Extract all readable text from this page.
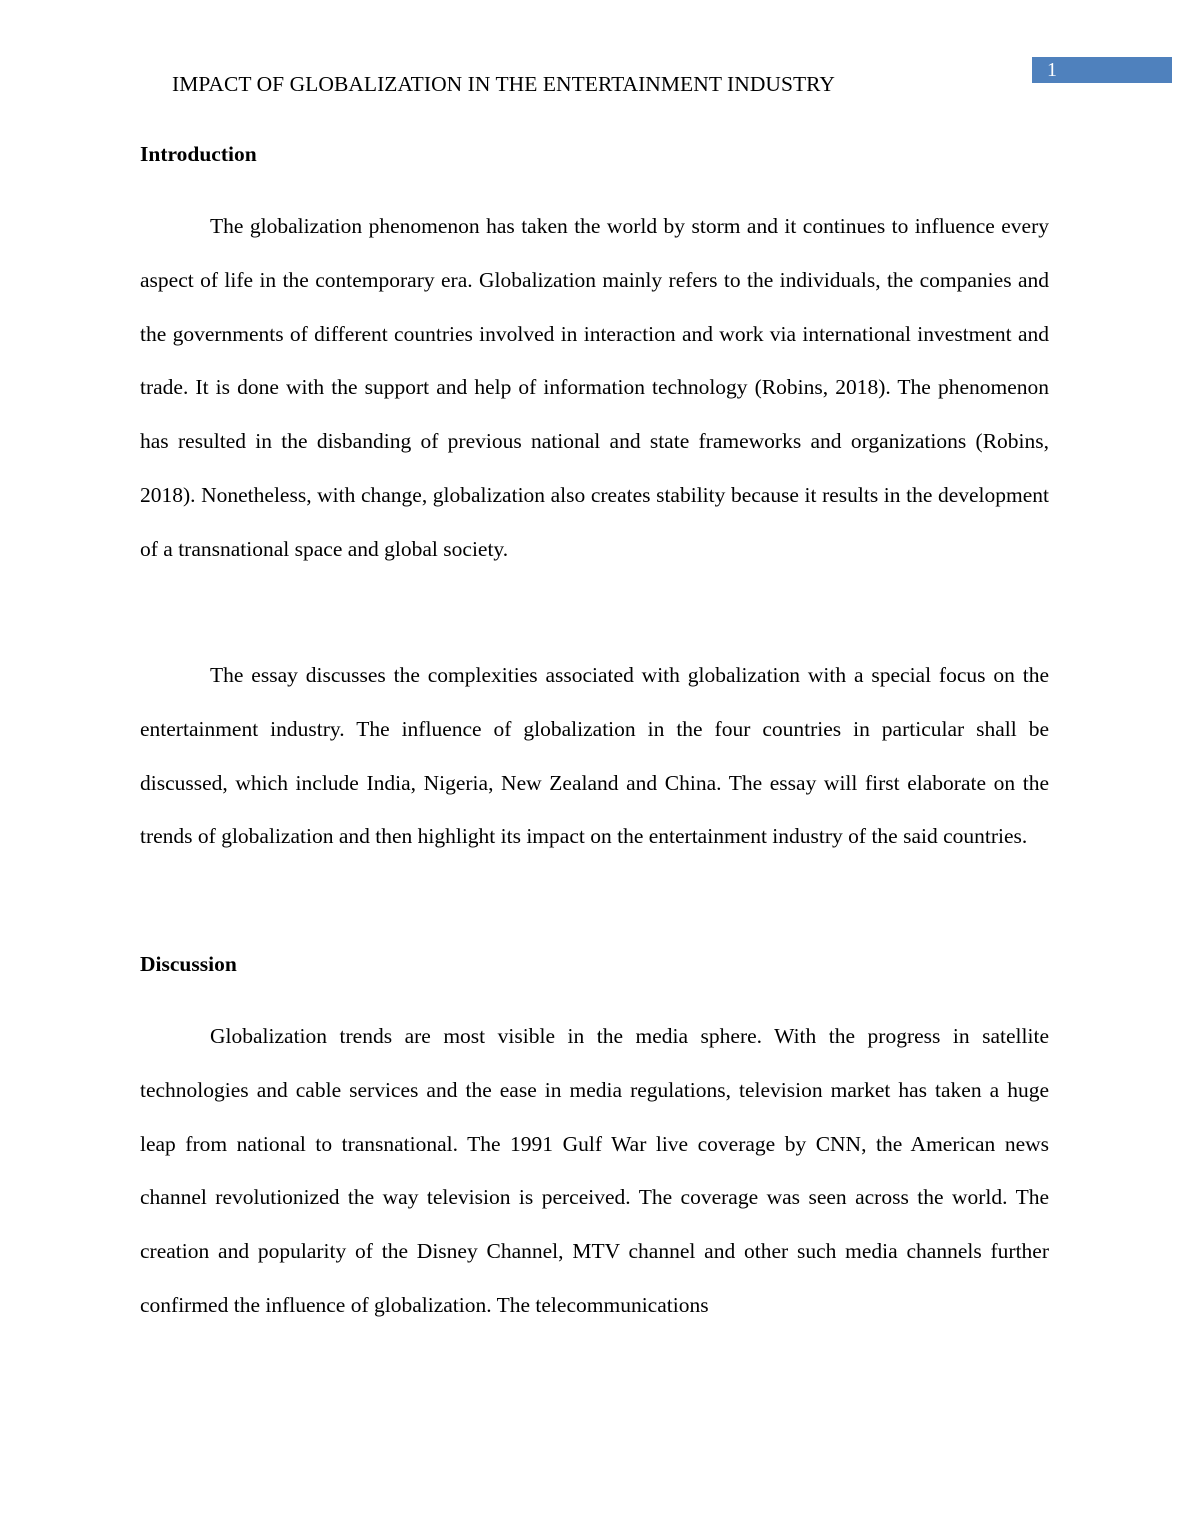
1
IMPACT OF GLOBALIZATION IN THE ENTERTAINMENT INDUSTRY
Introduction

The globalization phenomenon has taken the world by storm and it continues to influence every aspect of life in the contemporary era. Globalization mainly refers to the individuals, the companies and the governments of different countries involved in interaction and work via international investment and trade. It is done with the support and help of information technology (Robins, 2018). The phenomenon has resulted in the disbanding of previous national and state frameworks and organizations (Robins, 2018). Nonetheless, with change, globalization also creates stability because it results in the development of a transnational space and global society.

The essay discusses the complexities associated with globalization with a special focus on the entertainment industry. The influence of globalization in the four countries in particular shall be discussed, which include India, Nigeria, New Zealand and China. The essay will first elaborate on the trends of globalization and then highlight its impact on the entertainment industry of the said countries.

Discussion

Globalization trends are most visible in the media sphere. With the progress in satellite technologies and cable services and the ease in media regulations, television market has taken a huge leap from national to transnational. The 1991 Gulf War live coverage by CNN, the American news channel revolutionized the way television is perceived. The coverage was seen across the world. The creation and popularity of the Disney Channel, MTV channel and other such media channels further confirmed the influence of globalization. The telecommunications
